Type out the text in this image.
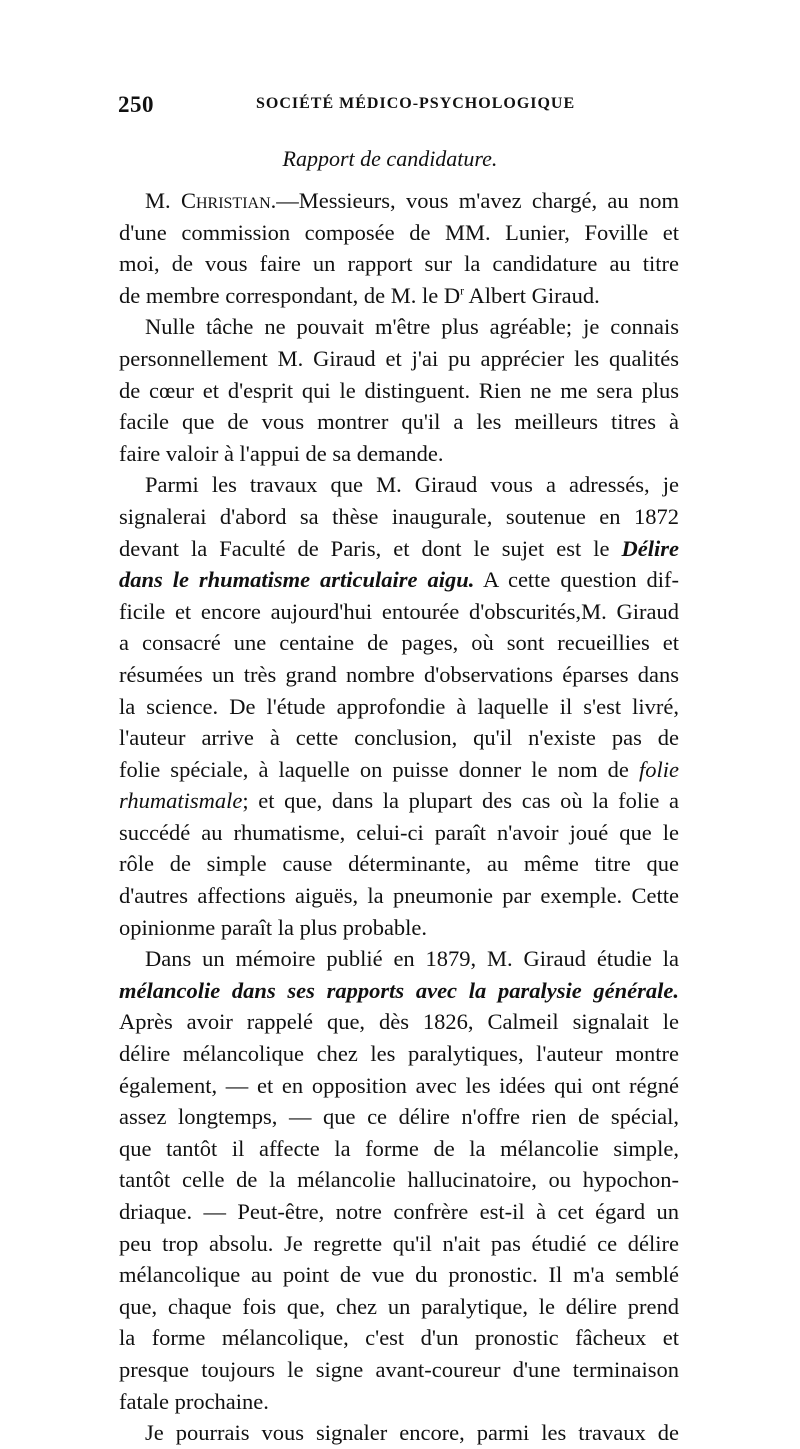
250	SOCIÉTÉ MÉDICO-PSYCHOLOGIQUE
Rapport de candidature.
M. Christian.—Messieurs, vous m'avez chargé, au nom
d'une commission composée de MM. Lunier, Foville et
moi, de vous faire un rapport sur la candidature au titre
de membre correspondant, de M. le $D^r$ Albert Giraud.
Nulle tâche ne pouvait m'être plus agréable; je connais
personnellement M. Giraud et j'ai pu apprécier les qualités
de cœur et d'esprit qui le distinguent. Rien ne me sera plus
facile que de vous montrer qu'il a les meilleurs titres à
faire valoir à l'appui de sa demande.
Parmi les travaux que M. Giraud vous a adressés, je
signalerai d'abord sa thèse inaugurale, soutenue en 1872
devant la Faculté de Paris, et dont le sujet est le Délire
dans le rhumatisme articulaire aigu. A cette question dif-
ficile et encore aujourd'hui entourée d'obscurités,M. Giraud
a consacré une centaine de pages, où sont recueillies et
résumées un très grand nombre d'observations éparses dans
la science. De l'étude approfondie à laquelle il s'est livré,
l'auteur arrive à cette conclusion, qu'il n'existe pas de
folie spéciale, à laquelle on puisse donner le nom de folie
rhumatismale; et que, dans la plupart des cas où la folie a
succédé au rhumatisme, celui-ci paraît n'avoir joué que le
rôle de simple cause déterminante, au même titre que
d'autres affections aiguës, la pneumonie par exemple. Cette
opinionme paraît la plus probable.
Dans un mémoire publié en 1879, M. Giraud étudie la
mélancolie dans ses rapports avec la paralysie générale.
Après avoir rappelé que, dès 1826, Calmeil signalait le
délire mélancolique chez les paralytiques, l'auteur montre
également, — et en opposition avec les idées qui ont régné
assez longtemps, — que ce délire n'offre rien de spécial,
que tantôt il affecte la forme de la mélancolie simple,
tantôt celle de la mélancolie hallucinatoire, ou hypochon-
driaque. — Peut-être, notre confrère est-il à cet égard un
peu trop absolu. Je regrette qu'il n'ait pas étudié ce délire
mélancolique au point de vue du pronostic. Il m'a semblé
que, chaque fois que, chez un paralytique, le délire prend
la forme mélancolique, c'est d'un pronostic fâcheux et
presque toujours le signe avant-coureur d'une terminaison
fatale prochaine.
Je pourrais vous signaler encore, parmi les travaux de
